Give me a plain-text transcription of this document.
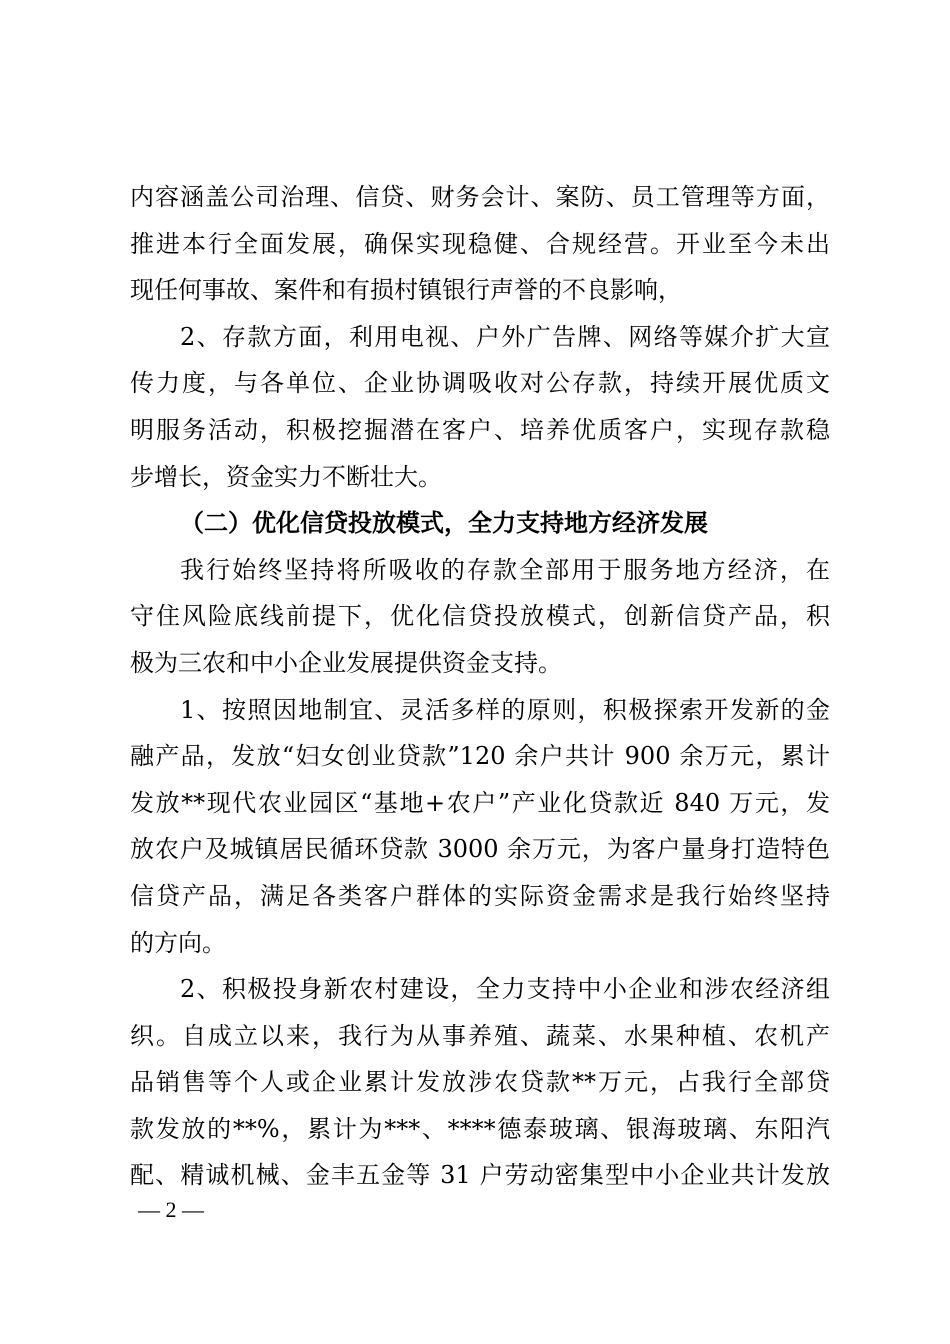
内容涵盖公司治理、信贷、财务会计、案防、员工管理等方面，
推进本行全面发展，确保实现稳健、合规经营。开业至今未出
现任何事故、案件和有损村镇银行声誉的不良影响，
2、存款方面，利用电视、户外广告牌、网络等媒介扩大宣
传力度，与各单位、企业协调吸收对公存款，持续开展优质文
明服务活动，积极挖掘潜在客户、培养优质客户，实现存款稳
步增长，资金实力不断壮大。
（二）优化信贷投放模式，全力支持地方经济发展
我行始终坚持将所吸收的存款全部用于服务地方经济，在
守住风险底线前提下，优化信贷投放模式，创新信贷产品，积
极为三农和中小企业发展提供资金支持。
1、按照因地制宜、灵活多样的原则，积极探索开发新的金
融产品，发放“妇女创业贷款”120 余户共计 900 余万元，累计
发放**现代农业园区“基地+农户”产业化贷款近 840 万元，发
放农户及城镇居民循环贷款 3000 余万元，为客户量身打造特色
信贷产品，满足各类客户群体的实际资金需求是我行始终坚持
的方向。
2、积极投身新农村建设，全力支持中小企业和涉农经济组
织。自成立以来，我行为从事养殖、蔬菜、水果种植、农机产
品销售等个人或企业累计发放涉农贷款**万元，占我行全部贷
款发放的**%，累计为***、****德泰玻璃、银海玻璃、东阳汽
配、精诚机械、金丰五金等 31 户劳动密集型中小企业共计发放
— 2 —
